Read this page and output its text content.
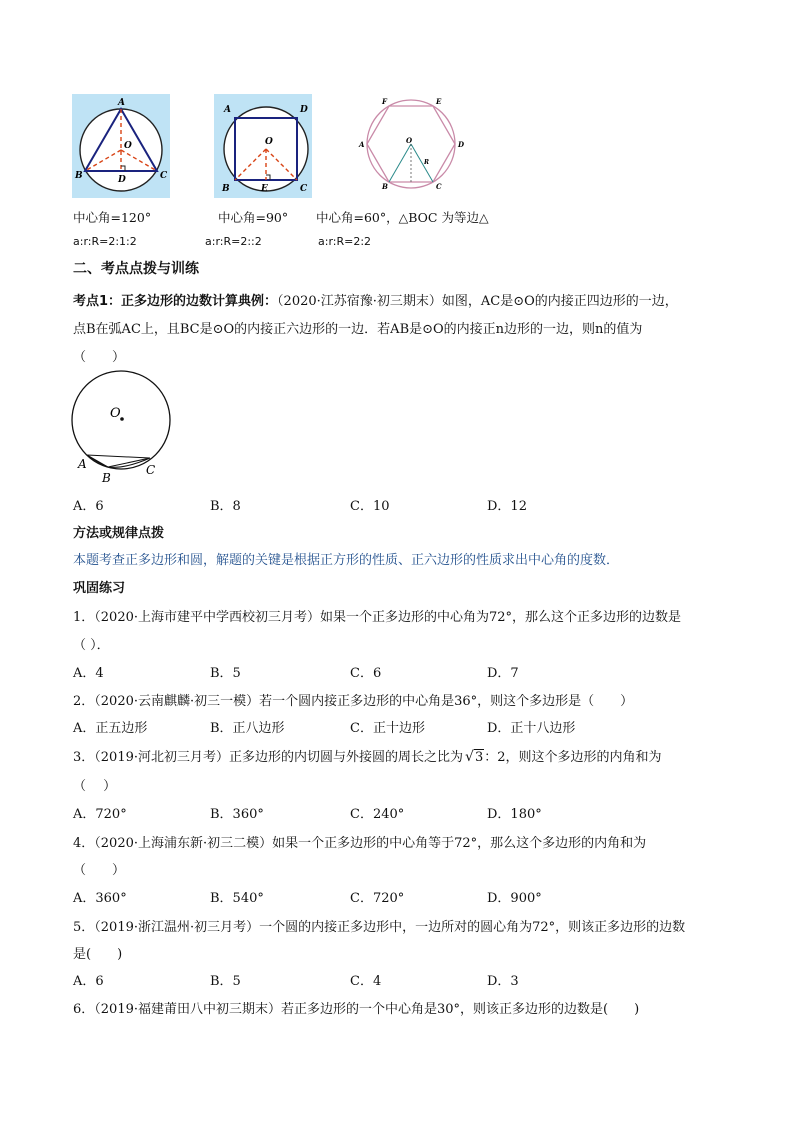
A
O
B	D	C
A	D
O
B	E	C
F	E
A	D
O
R
B	C
中心角=120°	中心角=90° 中心角=60°，△BOC 为等边△
a:r:R=2:1:2	a:r:R=2::2	a:r:R=2:2
二、考点点拨与训练
考点1：正多边形的边数计算典例：（2020·江苏宿豫·初三期末）如图，AC是⊙O的内接正四边形的一边，
点B在弧AC上，且BC是⊙O的内接正六边形的一边．若AB是⊙O的内接正n边形的一边，则n的值为
（　　）
O
A
B
C
A．6	B．8	C．10	D．12
方法或规律点拨
本题考查正多边形和圆，解题的关键是根据正方形的性质、正六边形的性质求出中心角的度数．
巩固练习
1．（2020·上海市建平中学西校初三月考）如果一个正多边形的中心角为72°，那么这个正多边形的边数是
（ ）．
A．4	B．5	C．6	D．7
2．（2020·云南麒麟·初三一模）若一个圆内接正多边形的中心角是36°，则这个多边形是（　　）
A．正五边形	B．正八边形	C．正十边形	D．正十八边形
3．（2019·河北初三月考）正多边形的内切圆与外接圆的周长之比为 √ 3：2，则这个多边形的内角和为
（　 ）
A．720°	B．360°	C．240°	D．180°
4．（2020·上海浦东新·初三二模）如果一个正多边形的中心角等于72°，那么这个多边形的内角和为
（　　）
A．360°	B．540°	C．720°	D．900°
5．（2019·浙江温州·初三月考）一个圆的内接正多边形中，一边所对的圆心角为72°，则该正多边形的边数
是(　　)
A．6	B．5	C．4	D．3
6．（2019·福建莆田八中初三期末）若正多边形的一个中心角是30°，则该正多边形的边数是(　　)
